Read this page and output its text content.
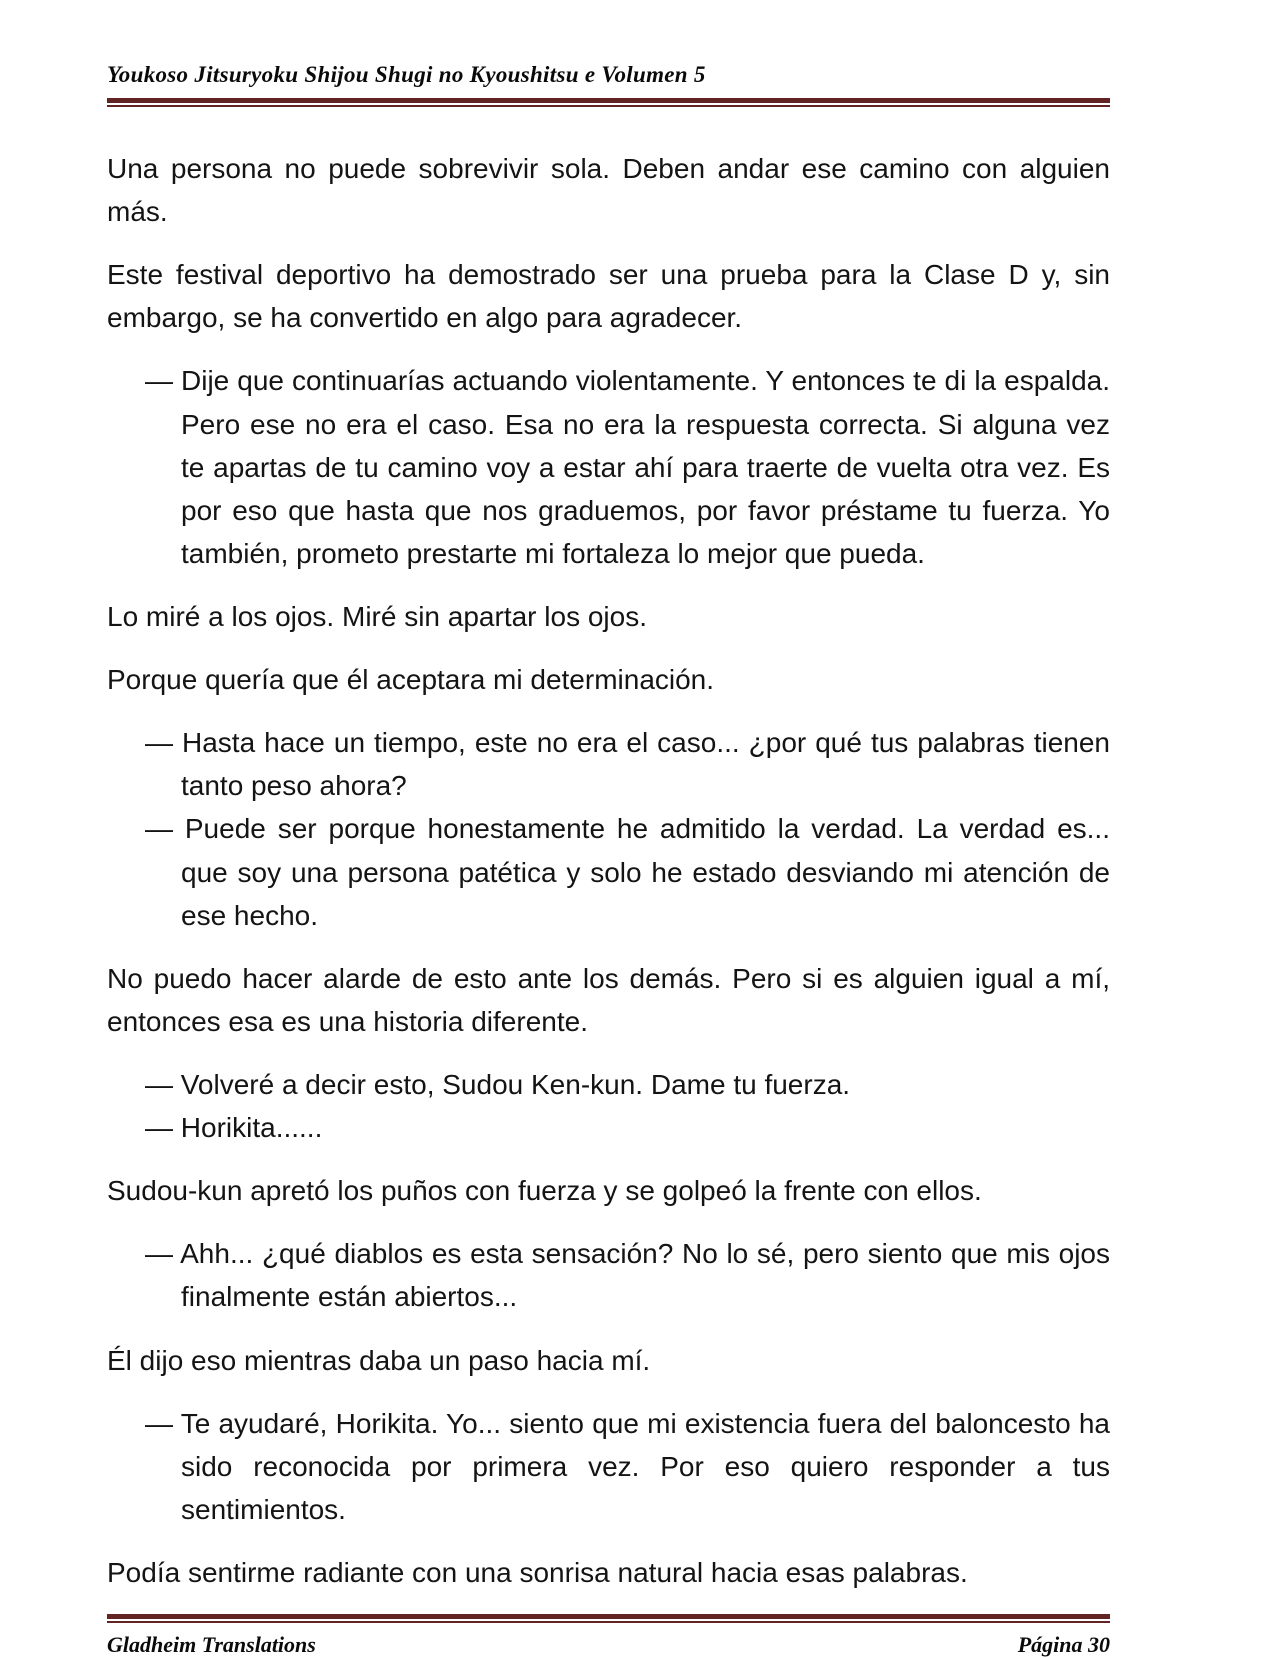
Youkoso Jitsuryoku Shijou Shugi no Kyoushitsu e Volumen 5

Una persona no puede sobrevivir sola. Deben andar ese camino con alguien más.

Este festival deportivo ha demostrado ser una prueba para la Clase D y, sin embargo, se ha convertido en algo para agradecer.

— Dije que continuarías actuando violentamente. Y entonces te di la espalda. Pero ese no era el caso. Esa no era la respuesta correcta. Si alguna vez te apartas de tu camino voy a estar ahí para traerte de vuelta otra vez. Es por eso que hasta que nos graduemos, por favor préstame tu fuerza. Yo también, prometo prestarte mi fortaleza lo mejor que pueda.

Lo miré a los ojos. Miré sin apartar los ojos.

Porque quería que él aceptara mi determinación.

— Hasta hace un tiempo, este no era el caso... ¿por qué tus palabras tienen tanto peso ahora?

— Puede ser porque honestamente he admitido la verdad. La verdad es... que soy una persona patética y solo he estado desviando mi atención de ese hecho.

No puedo hacer alarde de esto ante los demás. Pero si es alguien igual a mí, entonces esa es una historia diferente.

— Volveré a decir esto, Sudou Ken-kun. Dame tu fuerza.

— Horikita......

Sudou-kun apretó los puños con fuerza y se golpeó la frente con ellos.

— Ahh... ¿qué diablos es esta sensación? No lo sé, pero siento que mis ojos finalmente están abiertos...

Él dijo eso mientras daba un paso hacia mí.

— Te ayudaré, Horikita. Yo... siento que mi existencia fuera del baloncesto ha sido reconocida por primera vez. Por eso quiero responder a tus sentimientos.

Podía sentirme radiante con una sonrisa natural hacia esas palabras.

Gladheim Translations	Página 30
